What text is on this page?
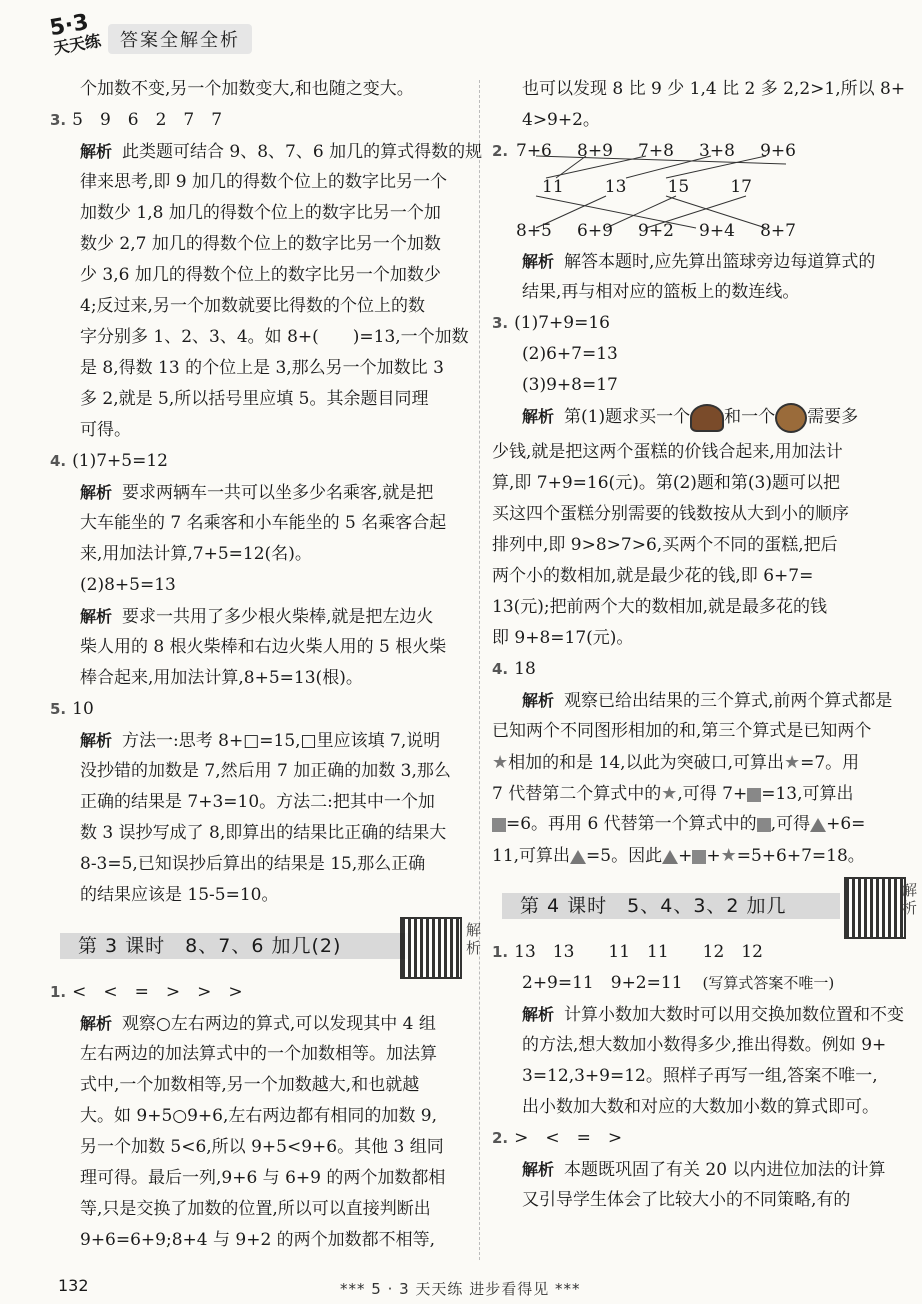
5·3
天天练 答案全解全析
个加数不变,另一个加数变大,和也随之变大。
3. 5　9　6　2　7　7
解析 此类题可结合 9、8、7、6 加几的算式得数的规
律来思考,即 9 加几的得数个位上的数字比另一个
加数少 1,8 加几的得数个位上的数字比另一个加
数少 2,7 加几的得数个位上的数字比另一个加数
少 3,6 加几的得数个位上的数字比另一个加数少
4;反过来,另一个加数就要比得数的个位上的数
字分别多 1、2、3、4。如 8+(　　)=13,一个加数
是 8,得数 13 的个位上是 3,那么另一个加数比 3
多 2,就是 5,所以括号里应填 5。其余题目同理
可得。
4. (1)7+5=12
解析 要求两辆车一共可以坐多少名乘客,就是把
大车能坐的 7 名乘客和小车能坐的 5 名乘客合起
来,用加法计算,7+5=12(名)。
(2)8+5=13
解析 要求一共用了多少根火柴棒,就是把左边火
柴人用的 8 根火柴棒和右边火柴人用的 5 根火柴
棒合起来,用加法计算,8+5=13(根)。
5. 10
解析 方法一:思考 8+□=15,□里应该填 7,说明
没抄错的加数是 7,然后用 7 加正确的加数 3,那么
正确的结果是 7+3=10。方法二:把其中一个加
数 3 误抄写成了 8,即算出的结果比正确的结果大
8-3=5,已知误抄后算出的结果是 15,那么正确
的结果应该是 15-5=10。
第 3 课时　8、7、6 加几(2)
解析
1. <　<　=　>　>　>
解析 观察○左右两边的算式,可以发现其中 4 组
左右两边的加法算式中的一个加数相等。加法算
式中,一个加数相等,另一个加数越大,和也就越
大。如 9+5○9+6,左右两边都有相同的加数 9,
另一个加数 5<6,所以 9+5<9+6。其他 3 组同
理可得。最后一列,9+6 与 6+9 的两个加数都相
等,只是交换了加数的位置,所以可以直接判断出
9+6=6+9;8+4 与 9+2 的两个加数都不相等,
也可以发现 8 比 9 少 1,4 比 2 多 2,2>1,所以 8+
4>9+2。
2. 7+6 8+9 7+8 3+8 9+6
11 13 15 17
8+5 6+9 9+2 9+4 8+7
解析 解答本题时,应先算出篮球旁边每道算式的
结果,再与相对应的篮板上的数连线。
3. (1)7+9=16
(2)6+7=13
(3)9+8=17
解析 第(1)题求买一个 和一个 需要多
少钱,就是把这两个蛋糕的价钱合起来,用加法计
算,即 7+9=16(元)。第(2)题和第(3)题可以把
买这四个蛋糕分别需要的钱数按从大到小的顺序
排列中,即 9>8>7>6,买两个不同的蛋糕,把后
两个小的数相加,就是最少花的钱,即 6+7=
13(元);把前两个大的数相加,就是最多花的钱
即 9+8=17(元)。
4. 18
解析 观察已给出结果的三个算式,前两个算式都是
已知两个不同图形相加的和,第三个算式是已知两个
★相加的和是 14,以此为突破口,可算出★=7。用
7 代替第二个算式中的★,可得 7+ =13,可算出
=6。再用 6 代替第一个算式中的 ,可得 +6=
11,可算出 =5。因此 + +★=5+6+7=18。
第 4 课时　5、4、3、2 加几
解析
1. 13　13　　11　11　　12　12
2+9=11　9+2=11 (写算式答案不唯一)
解析 计算小数加大数时可以用交换加数位置和不变
的方法,想大数加小数得多少,推出得数。例如 9+
3=12,3+9=12。照样子再写一组,答案不唯一,
出小数加大数和对应的大数加小数的算式即可。
2. >　<　=　>
解析 本题既巩固了有关 20 以内进位加法的计算
又引导学生体会了比较大小的不同策略,有的
132	*** 5 · 3 天天练 进步看得见 ***
